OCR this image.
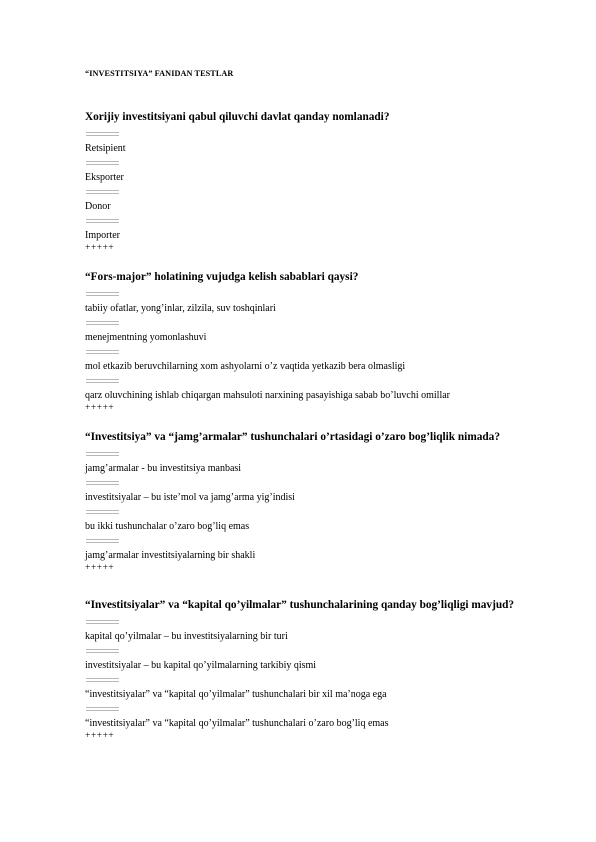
“INVESTITSIYA” FANIDAN TESTLAR
Xorijiy investitsiyani qabul qiluvchi davlat qanday nomlanadi?
Retsipient
Eksporter
Donor
Importer
+++++
“Fors-major” holatining vujudga kelish sabablari qaysi?
tabiiy ofatlar, yong’inlar, zilzila, suv toshqinlari
menejmentning yomonlashuvi
mol etkazib beruvchilarning xom ashyolarni o’z vaqtida yetkazib bera olmasligi
qarz oluvchining ishlab chiqargan mahsuloti narxining pasayishiga sabab bo’luvchi omillar
+++++
“Investitsiya” va “jamg’armalar” tushunchalari o’rtasidagi o’zaro bog’liqlik nimada?
jamg’armalar - bu investitsiya manbasi
investitsiyalar – bu iste’mol va jamg’arma yig’indisi
bu ikki tushunchalar o’zaro bog’liq emas
jamg’armalar investitsiyalarning bir shakli
+++++
“Investitsiyalar” va “kapital qo’yilmalar” tushunchalarining qanday bog’liqligi mavjud?
kapital qo’yilmalar – bu investitsiyalarning bir turi
investitsiyalar – bu kapital qo’yilmalarning tarkibiy qismi
“investitsiyalar” va “kapital qo’yilmalar” tushunchalari bir xil ma’noga ega
“investitsiyalar” va “kapital qo’yilmalar” tushunchalari o’zaro bog’liq emas
+++++
